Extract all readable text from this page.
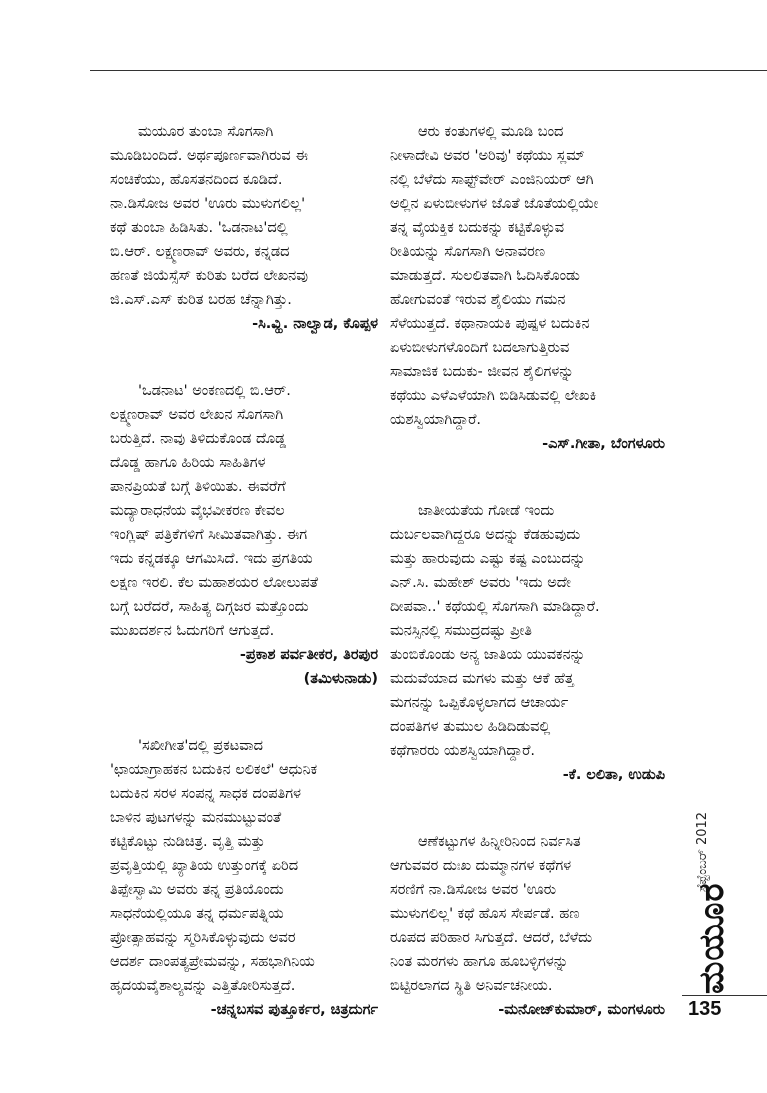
ಮಯೂರ ತುಂಬಾ ಸೊಗಸಾಗಿ
ಮೂಡಿಬಂದಿದೆ. ಅರ್ಥಪೂರ್ಣವಾಗಿರುವ ಈ
ಸಂಚಿಕೆಯು, ಹೊಸತನದಿಂದ ಕೂಡಿದೆ.
ನಾ.ಡಿಸೋಜ ಅವರ 'ಊರು ಮುಳುಗಲಿಲ್ಲ'
ಕಥೆ ತುಂಬಾ ಹಿಡಿಸಿತು. 'ಒಡನಾಟ'ದಲ್ಲಿ
ಬಿ.ಆರ್. ಲಕ್ಷ್ಮಣರಾವ್ ಅವರು, ಕನ್ನಡದ
ಹಣತೆ ಜಿಯೆಸ್ಸೆಸ್ ಕುರಿತು ಬರೆದ ಲೇಖನವು
ಜಿ.ಎಸ್.ಎಸ್ ಕುರಿತ ಬರಹ ಚೆನ್ನಾಗಿತ್ತು.
-ಸಿ.ವ್ಹಿ. ನಾಲ್ವಾಡ, ಕೊಪ್ಪಳ
'ಒಡನಾಟ' ಅಂಕಣದಲ್ಲಿ ಬಿ.ಆರ್.
ಲಕ್ಷ್ಮಣರಾವ್ ಅವರ ಲೇಖನ ಸೊಗಸಾಗಿ
ಬರುತ್ತಿದೆ. ನಾವು ತಿಳಿದುಕೊಂಡ ದೊಡ್ಡ
ದೊಡ್ಡ ಹಾಗೂ ಹಿರಿಯ ಸಾಹಿತಿಗಳ
ಪಾನಪ್ರಿಯತೆ ಬಗ್ಗೆ ತಿಳಿಯಿತು. ಈವರೆಗೆ
ಮದ್ಯಾರಾಧನೆಯ ವೈಭವೀಕರಣ ಕೇವಲ
ಇಂಗ್ಲಿಷ್ ಪತ್ರಿಕೆಗಳಿಗೆ ಸೀಮಿತವಾಗಿತ್ತು. ಈಗ
ಇದು ಕನ್ನಡಕ್ಕೂ ಆಗಮಿಸಿದೆ. ಇದು ಪ್ರಗತಿಯ
ಲಕ್ಷಣ ಇರಲಿ. ಕೆಲ ಮಹಾಶಯರ ಲೋಲುಪತೆ
ಬಗ್ಗೆ ಬರೆದರೆ, ಸಾಹಿತ್ಯ ದಿಗ್ಗಜರ ಮತ್ತೊಂದು
ಮುಖದರ್ಶನ ಓದುಗರಿಗೆ ಆಗುತ್ತದೆ.
-ಪ್ರಕಾಶ ಪರ್ವತೀಕರ, ತಿರಪುರ
(ತಮಿಳುನಾಡು)
'ಸಖೀಗೀತ'ದಲ್ಲಿ ಪ್ರಕಟವಾದ
'ಛಾಯಾಗ್ರಾಹಕನ ಬದುಕಿನ ಲಲಿಕಲೆ' ಆಧುನಿಕ
ಬದುಕಿನ ಸರಳ ಸಂಪನ್ನ ಸಾಧಕ ದಂಪತಿಗಳ
ಬಾಳಿನ ಪುಟಗಳನ್ನು ಮನಮುಟ್ಟುವಂತೆ
ಕಟ್ಟಿಕೊಟ್ಟು ನುಡಿಚಿತ್ರ. ವೃತ್ತಿ ಮತ್ತು
ಪ್ರವೃತ್ತಿಯಲ್ಲಿ ಖ್ಯಾತಿಯ ಉತ್ತುಂಗಕ್ಕೆ ಏರಿದ
ತಿಪ್ಪೇಸ್ವಾಮಿ ಅವರು ತನ್ನ ಪ್ರತಿಯೊಂದು
ಸಾಧನೆಯಲ್ಲಿಯೂ ತನ್ನ ಧರ್ಮಪತ್ನಿಯ
ಪ್ರೋತ್ಸಾಹವನ್ನು ಸ್ಮರಿಸಿಕೊಳ್ಳುವುದು ಅವರ
ಆದರ್ಶ ದಾಂಪತ್ಯಪ್ರೇಮವನ್ನು, ಸಹಭಾಗಿನಿಯ
ಹೃದಯವೈಶಾಲ್ಯವನ್ನು ಎತ್ತಿತೋರಿಸುತ್ತದೆ.
-ಚನ್ನಬಸವ ಪುತ್ತೂರ್ಕರ, ಚಿತ್ರದುರ್ಗ
ಆರು ಕಂತುಗಳಲ್ಲಿ ಮೂಡಿ ಬಂದ
ನೀಳಾದೇವಿ ಅವರ 'ಅರಿವು' ಕಥೆಯು ಸ್ಲಮ್
ನಲ್ಲಿ ಬೆಳೆದು ಸಾಫ್ಟ್‌ವೇರ್ ಎಂಜಿನಿಯರ್ ಆಗಿ
ಅಲ್ಲಿನ ಏಳುಬೀಳುಗಳ ಜೊತೆ ಜೊತೆಯಲ್ಲಿಯೇ
ತನ್ನ ವೈಯಕ್ತಿಕ ಬದುಕನ್ನು ಕಟ್ಟಿಕೊಳ್ಳುವ
ರೀತಿಯನ್ನು ಸೊಗಸಾಗಿ ಅನಾವರಣ
ಮಾಡುತ್ತದೆ. ಸುಲಲಿತವಾಗಿ ಓದಿಸಿಕೊಂಡು
ಹೋಗುವಂತೆ ಇರುವ ಶೈಲಿಯು ಗಮನ
ಸೆಳೆಯುತ್ತದೆ. ಕಥಾನಾಯಕಿ ಪುಷ್ಪಳ ಬದುಕಿನ
ಏಳುಬೀಳುಗಳೊಂದಿಗೆ ಬದಲಾಗುತ್ತಿರುವ
ಸಾಮಾಜಿಕ ಬದುಕು- ಜೀವನ ಶೈಲಿಗಳನ್ನು
ಕಥೆಯು ಎಳೆಎಳೆಯಾಗಿ ಬಿಡಿಸಿಡುವಲ್ಲಿ ಲೇಖಕಿ
ಯಶಸ್ವಿಯಾಗಿದ್ದಾರೆ.
-ಎಸ್.ಗೀತಾ, ಬೆಂಗಳೂರು
ಜಾತೀಯತೆಯ ಗೋಡೆ ಇಂದು
ದುರ್ಬಲವಾಗಿದ್ದರೂ ಅದನ್ನು ಕೆಡಹುವುದು
ಮತ್ತು ಹಾರುವುದು ಎಷ್ಟು ಕಷ್ಟ ಎಂಬುದನ್ನು
ಎನ್.ಸಿ. ಮಹೇಶ್ ಅವರು 'ಇದು ಅದೇ
ದೀಪವಾ..' ಕಥೆಯಲ್ಲಿ ಸೊಗಸಾಗಿ ಮಾಡಿದ್ದಾರೆ.
ಮನಸ್ಸಿನಲ್ಲಿ ಸಮುದ್ರದಷ್ಟು ಪ್ರೀತಿ
ತುಂಬಿಕೊಂಡು ಅನ್ಯ ಜಾತಿಯ ಯುವಕನನ್ನು
ಮದುವೆಯಾದ ಮಗಳು ಮತ್ತು ಆಕೆ ಹೆತ್ತ
ಮಗನನ್ನು ಒಪ್ಪಿಕೊಳ್ಳಲಾಗದ ಆಚಾರ್ಯ
ದಂಪತಿಗಳ ತುಮುಲ ಹಿಡಿದಿಡುವಲ್ಲಿ
ಕಥೆಗಾರರು ಯಶಸ್ವಿಯಾಗಿದ್ದಾರೆ.
-ಕೆ. ಲಲಿತಾ, ಉಡುಪಿ
ಆಣೆಕಟ್ಟುಗಳ ಹಿನ್ನೀರಿನಿಂದ ನಿರ್ವಸಿತ
ಆಗುವವರ ದುಃಖ ದುಮ್ಮಾನಗಳ ಕಥೆಗಳ
ಸರಣಿಗೆ ನಾ.ಡಿಸೋಜ ಅವರ 'ಊರು
ಮುಳುಗಲಿಲ್ಲ' ಕಥೆ ಹೊಸ ಸೇರ್ಪಡೆ. ಹಣ
ರೂಪದ ಪರಿಹಾರ ಸಿಗುತ್ತದೆ. ಆದರೆ, ಬೆಳೆದು
ನಿಂತ ಮರಗಳು ಹಾಗೂ ಹೂಬಳ್ಳಿಗಳನ್ನು
ಬಿಟ್ಟಿರಲಾಗದ ಸ್ಥಿತಿ ಅನಿರ್ವಚನೀಯ.
-ಮನೋಜ್‌ಕುಮಾರ್, ಮಂಗಳೂರು
ಸೆಪ್ಟೆಂಬರ್ 2012
ಮಯೂರ
135
